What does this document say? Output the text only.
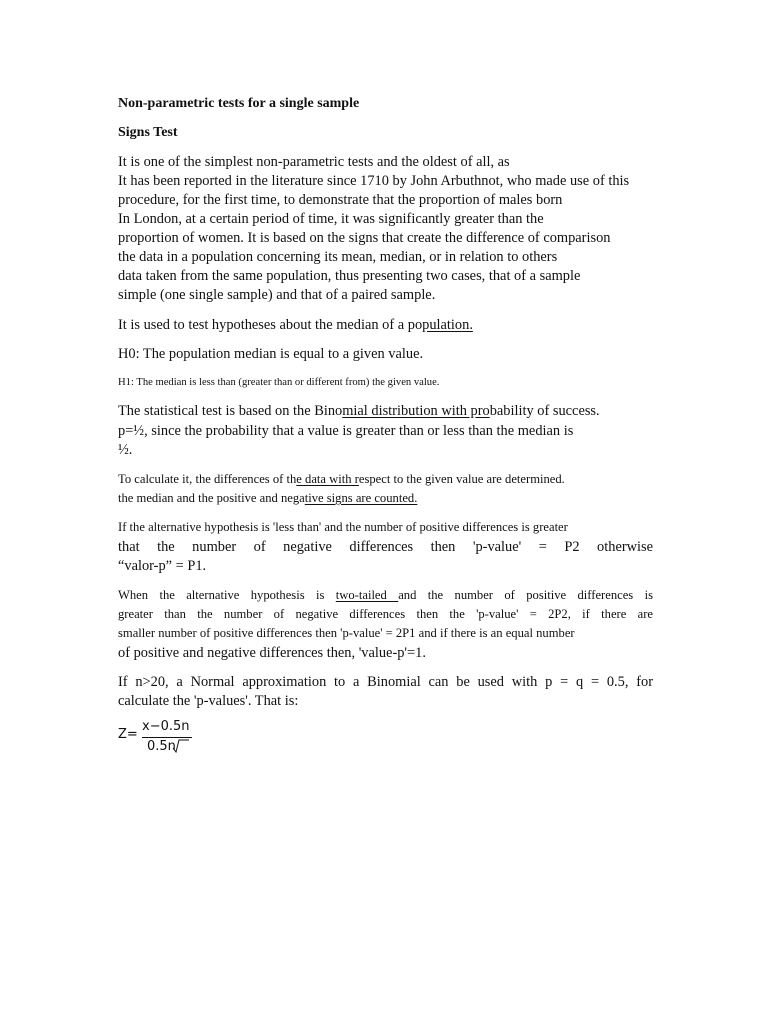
Non-parametric tests for a single sample
Signs Test
It is one of the simplest non-parametric tests and the oldest of all, as
It has been reported in the literature since 1710 by John Arbuthnot, who made use of this
procedure, for the first time, to demonstrate that the proportion of males born
In London, at a certain period of time, it was significantly greater than the
proportion of women. It is based on the signs that create the difference of comparison
the data in a population concerning its mean, median, or in relation to others
data taken from the same population, thus presenting two cases, that of a sample
simple (one single sample) and that of a paired sample.
It is used to test hypotheses about the median of a population.
H0: The population median is equal to a given value.
H1: The median is less than (greater than or different from) the given value.
The statistical test is based on the Binomial distribution with probability of success.
p=½, since the probability that a value is greater than or less than the median is
½.
To calculate it, the differences of the data with respect to the given value are determined.
the median and the positive and negative signs are counted.
If the alternative hypothesis is 'less than' and the number of positive differences is greater
that the number of negative differences then 'p-value' = P2 otherwise
“valor-p” = P1.
When the alternative hypothesis is two-tailed and the number of positive differences is
greater than the number of negative differences then the 'p-value' = 2P2, if there are
smaller number of positive differences then 'p-value' = 2P1 and if there is an equal number
of positive and negative differences then, 'value-p'=1.
If n>20, a Normal approximation to a Binomial can be used with p = q = 0.5, for
calculate the 'p-values'. That is:
Z=
x−0.5n
0.5n
